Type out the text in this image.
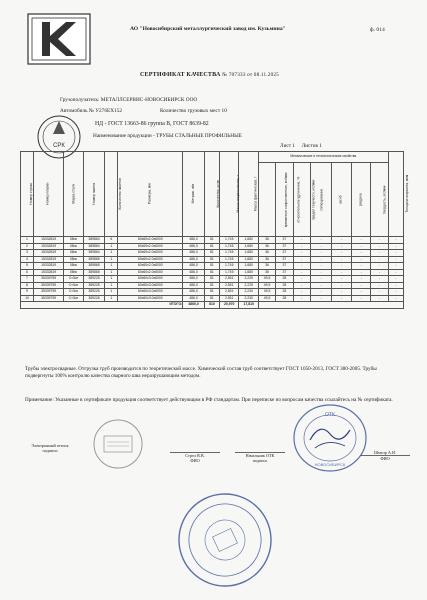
АО "Новосибирский металлургический завод им. Кузьмина"	ф. 014
СЕРТИФИКАТ КАЧЕСТВА № 707333 от 08.11.2025
Грузополучатель: МЕТАЛЛСЕРВИС-НОВОСИБИРСК ООО
Автомобиль № У276ЕХ152	Количество грузовых мест 10
СРК
НД - ГОСТ 13663-86 группа В, ГОСТ 8639-82
Наименование продукции - ТРУБЫ СТАЛЬНЫЕ ПРОФИЛЬНЫЕ
Лист 1 Листов 1
Номер строки	Номер плавки	Марка стали	Номер пакета	Количество пакетов	Размеры, мм	Метраж, п/м	Количество, штук	Масса теоретическая, т	Масса фактическая, т	Механические и технологические свойства							Толщина покрытия, мкм
										временное сопротивление, кгс/мм²	относительное удлинение, %	предел текучести, кгс/мм²	сплющивание	загиб	раздача	твердость, кгс/мм²	
1	15332819	08пс	389863	6	60х60х2.0х6000	486,0	81	1,745	1,680	36	37	-	-	-	-	-	-
2	15332819	08пс	389864	1	60х60х2.0х6000	486,0	81	1,745	1,680	36	37	-	-	-	-	-	-
3	15332819	08пс	389864	1	60х60х2.0х6000	486,0	81	1,745	1,680	36	37	-	-	-	-	-	-
4	15332819	08пс	389865	1	60х60х2.0х6000	486,0	81	1,745	1,680	36	37	-	-	-	-	-	-
5	15332819	08пс	389865	1	60х60х2.0х6000	486,0	81	1,745	1,680	36	37	-	-	-	-	-	-
6	15332819	08пс	389865	1	60х60х2.0х6000	486,0	81	1,745	1,680	36	37	-	-	-	-	-	-
7	35339759	Ст3сп	389225	1	60х60х3.0х6000	486,0	81	2,551	2,225	49,5	28	-	-	-	-	-	-
8	35339759	Ст3сп	389225	1	60х60х3.0х6000	486,0	81	2,551	2,225	49,5	28	-	-	-	-	-	-
9	35339759	Ст3сп	389226	1	60х60х3.0х6000	486,0	81	2,551	2,230	49,5	28	-	-	-	-	-	-
10	35339759	Ст3сп	389226	1	60х60х3.0х6000	486,0	81	2,551	2,230	49,5	28	-	-	-	-	-	-
ИТОГО:						4860,0	810	20,970	17,810								
Трубы электросварные. Отгрузка труб производится по теоретической массе. Химический состав труб соответствует ГОСТ 1050-2013, ГОСТ 380-2005. Трубы подвергнуты 100% контролю качества сварного шва неразрушающим методом.
Примечание: Указанные в сертификате продукция соответствует действующим в РФ стандартам. При переписке по вопросам качества ссылайтесь на № сертификата.
Электронный оттиск
подписи
Стрел В.В.
ФИО
Начальник ОТК
подпись
ОТК
НОВОСИБИРСК
Шмелр А.И.
ФИО
